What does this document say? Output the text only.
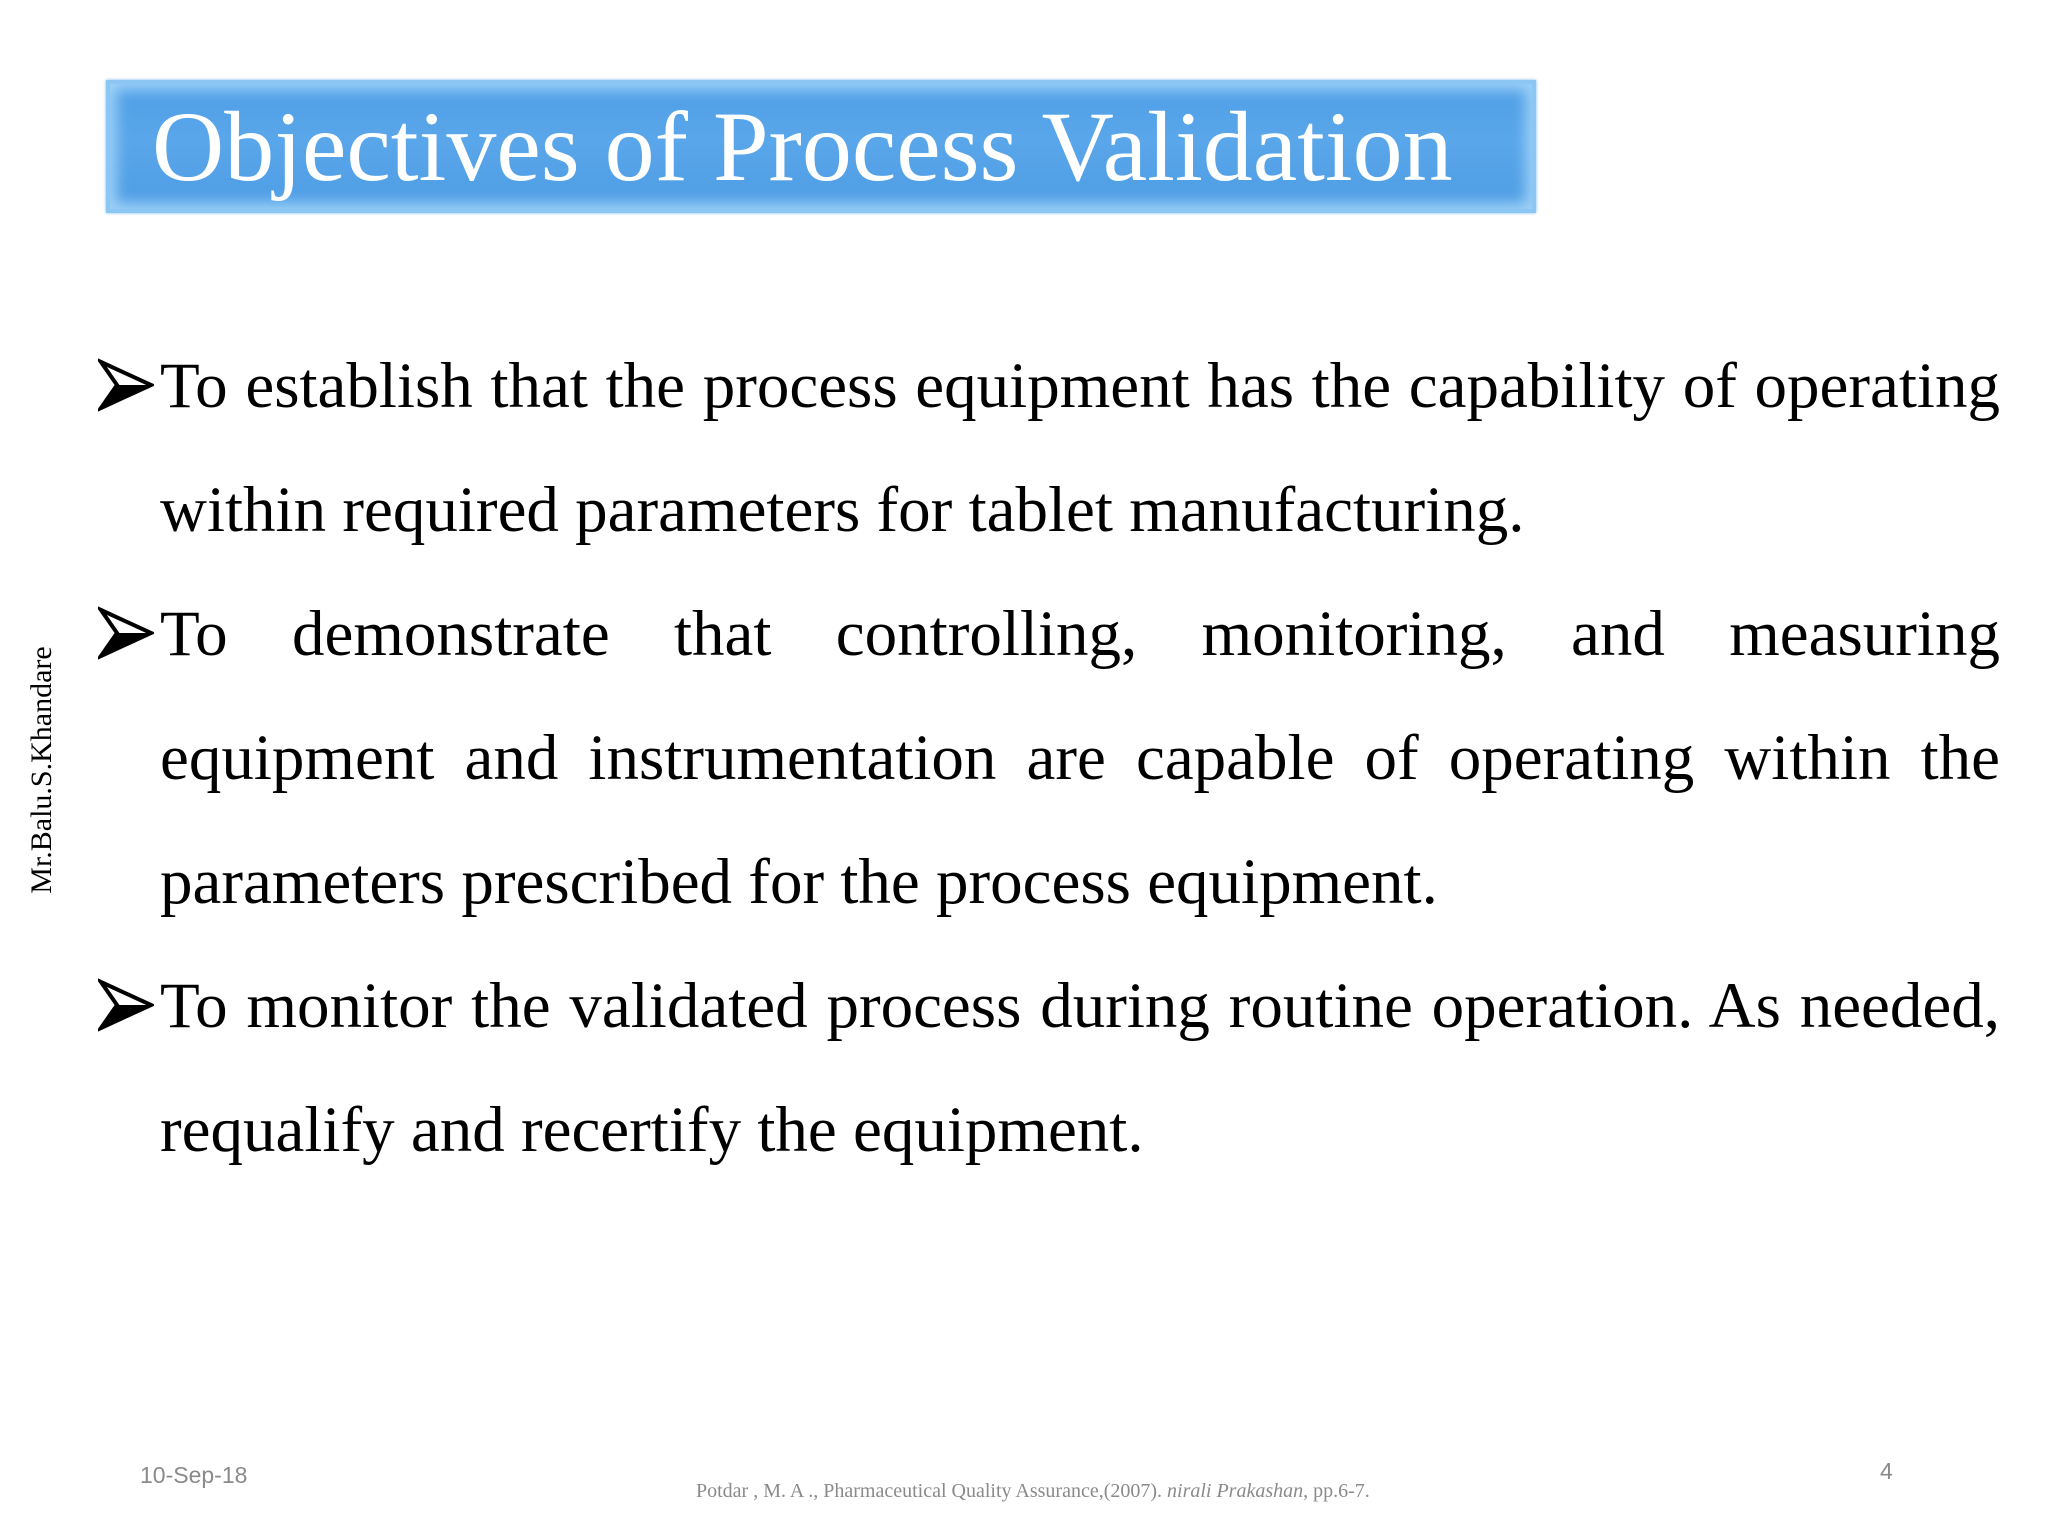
Objectives of Process Validation
Mr.Balu.S.Khandare
To establish that the process equipment has the capability of operating within required parameters for tablet manufacturing.
To demonstrate that controlling, monitoring, and measuring equipment and instrumentation are capable of operating within the parameters prescribed for the process equipment.
To monitor the validated process during routine operation. As needed, requalify and recertify the equipment.
10-Sep-18
Potdar , M. A ., Pharmaceutical Quality Assurance,(2007). nirali Prakashan, pp.6-7.
4
